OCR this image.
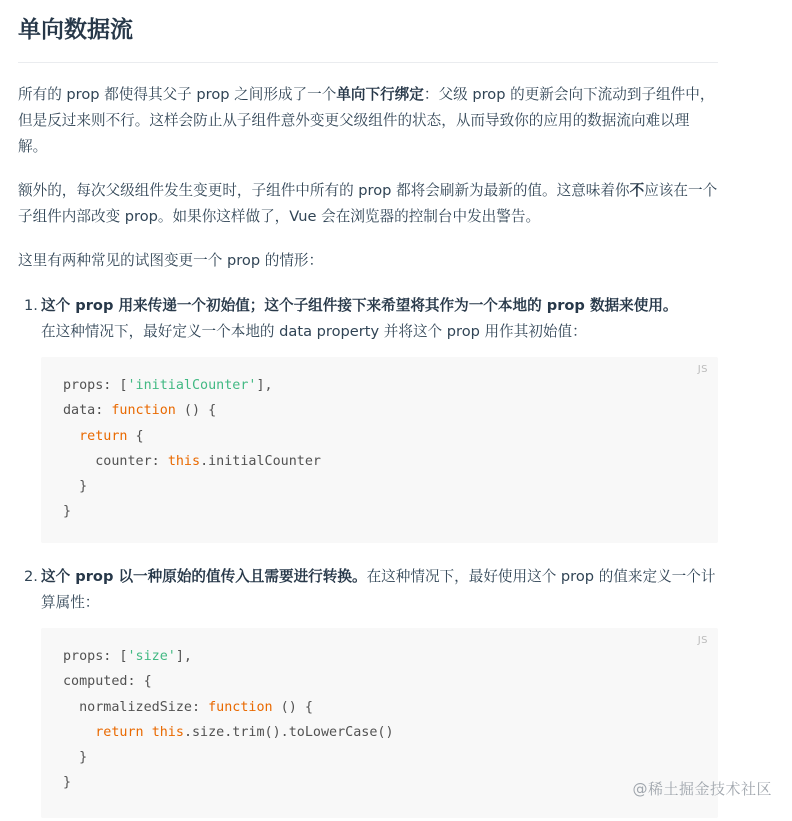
单向数据流

所有的 prop 都使得其父子 prop 之间形成了一个单向下行绑定：父级 prop 的更新会向下流动到子组件中，但是反过来则不行。这样会防止从子组件意外变更父级组件的状态，从而导致你的应用的数据流向难以理解。

额外的，每次父级组件发生变更时，子组件中所有的 prop 都将会刷新为最新的值。这意味着你不应该在一个子组件内部改变 prop。如果你这样做了，Vue 会在浏览器的控制台中发出警告。

这里有两种常见的试图变更一个 prop 的情形：

1. 这个 prop 用来传递一个初始值；这个子组件接下来希望将其作为一个本地的 prop 数据来使用。
在这种情况下，最好定义一个本地的 data property 并将这个 prop 用作其初始值：

JS
props: ['initialCounter'],
data: function () {
return {
counter: this.initialCounter
}
}
2. 这个 prop 以一种原始的值传入且需要进行转换。在这种情况下，最好使用这个 prop 的值来定义一个计算属性：

JS
props: ['size'],
computed: {
normalizedSize: function () {
return this.size.trim().toLowerCase()
}
}	@稀土掘金技术社区
